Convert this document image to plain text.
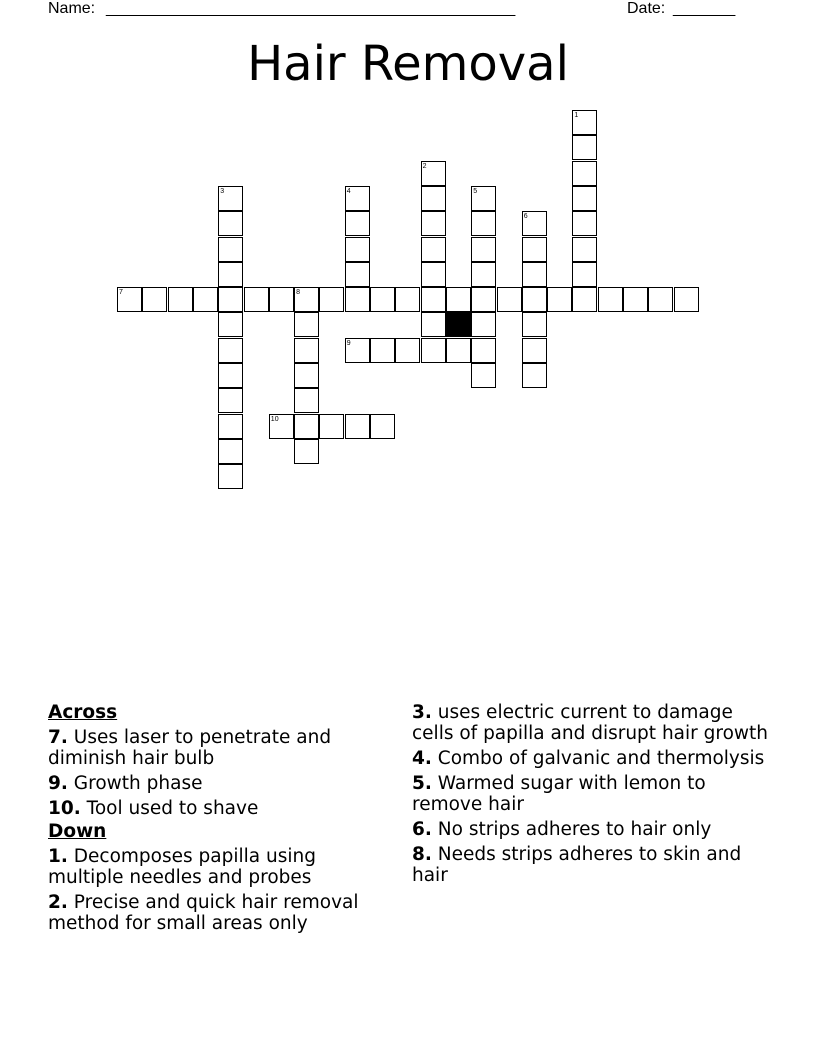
Name: ______________________________________________	Date: _______
Hair Removal
1
2
3	4	5
6
7	8
9
10
Across
7. Uses laser to penetrate and diminish hair bulb
9. Growth phase
10. Tool used to shave
Down
1. Decomposes papilla using multiple needles and probes
2. Precise and quick hair removal method for small areas only
3. uses electric current to damage cells of papilla and disrupt hair growth
4. Combo of galvanic and thermolysis
5. Warmed sugar with lemon to remove hair
6. No strips adheres to hair only
8. Needs strips adheres to skin and hair
